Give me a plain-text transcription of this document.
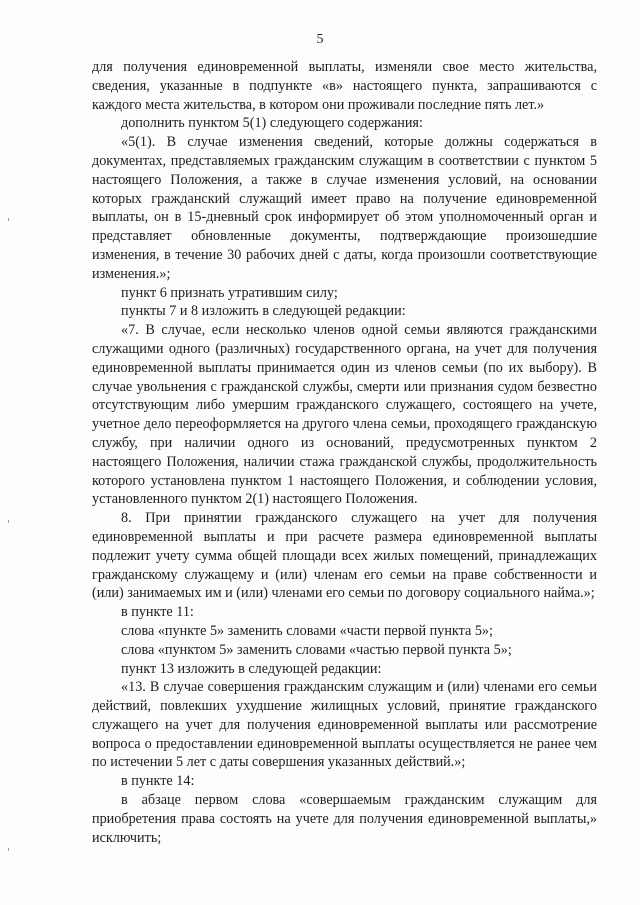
5

для получения единовременной выплаты, изменяли свое место жительства, сведения, указанные в подпункте «в» настоящего пункта, запрашиваются с каждого места жительства, в котором они проживали последние пять лет.»

дополнить пунктом 5(1) следующего содержания:

«5(1). В случае изменения сведений, которые должны содержаться в документах, представляемых гражданским служащим в соответствии с пунктом 5 настоящего Положения, а также в случае изменения условий, на основании которых гражданский служащий имеет право на получение единовременной выплаты, он в 15-дневный срок информирует об этом уполномоченный орган и представляет обновленные документы, подтверждающие произошедшие изменения, в течение 30 рабочих дней с даты, когда произошли соответствующие изменения.»;

пункт 6 признать утратившим силу;

пункты 7 и 8 изложить в следующей редакции:

«7. В случае, если несколько членов одной семьи являются гражданскими служащими одного (различных) государственного органа, на учет для получения единовременной выплаты принимается один из членов семьи (по их выбору). В случае увольнения с гражданской службы, смерти или признания судом безвестно отсутствующим либо умершим гражданского служащего, состоящего на учете, учетное дело переоформляется на другого члена семьи, проходящего гражданскую службу, при наличии одного из оснований, предусмотренных пунктом 2 настоящего Положения, наличии стажа гражданской службы, продолжительность которого установлена пунктом 1 настоящего Положения, и соблюдении условия, установленного пунктом 2(1) настоящего Положения.

8. При принятии гражданского служащего на учет для получения единовременной выплаты и при расчете размера единовременной выплаты подлежит учету сумма общей площади всех жилых помещений, принадлежащих гражданскому служащему и (или) членам его семьи на праве собственности и (или) занимаемых им и (или) членами его семьи по договору социального найма.»;

в пункте 11:

слова «пункте 5» заменить словами «части первой пункта 5»;

слова «пунктом 5» заменить словами «частью первой пункта 5»;

пункт 13 изложить в следующей редакции:

«13. В случае совершения гражданским служащим и (или) членами его семьи действий, повлекших ухудшение жилищных условий, принятие гражданского служащего на учет для получения единовременной выплаты или рассмотрение вопроса о предоставлении единовременной выплаты осуществляется не ранее чем по истечении 5 лет с даты совершения указанных действий.»;

в пункте 14:

в абзаце первом слова «совершаемым гражданским служащим для приобретения права состоять на учете для получения единовременной выплаты,» исключить;
